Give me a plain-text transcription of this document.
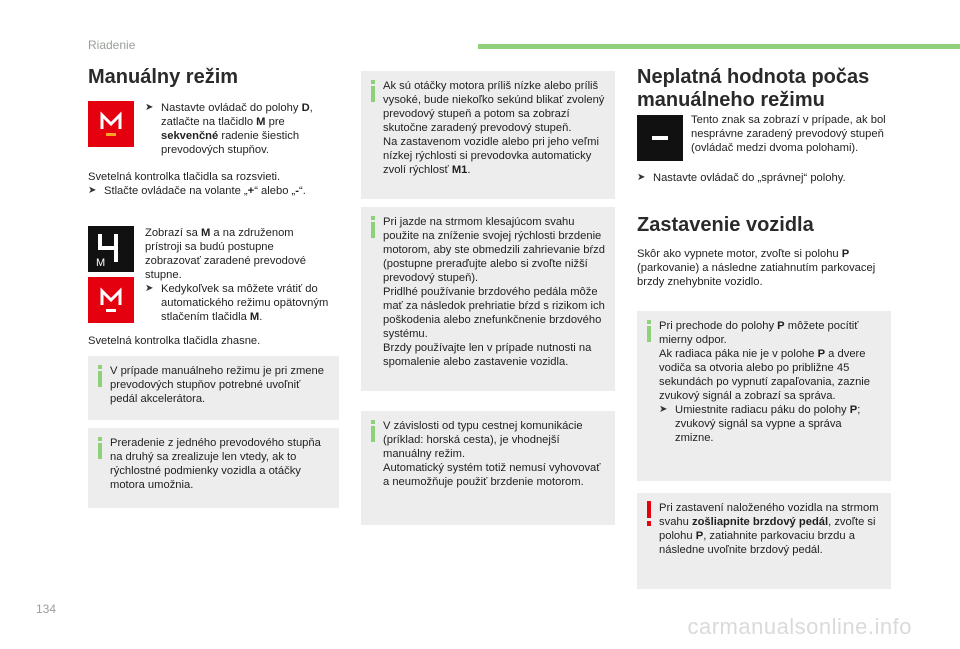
Riadenie
Manuálny režim
➤ Nastavte ovládač do polohy D, zatlačte na tlačidlo M pre sekvenčné radenie šiestich prevodových stupňov.
Svetelná kontrolka tlačidla sa rozsvieti.
➤ Stlačte ovládače na volante „+“ alebo „-“.
M
Zobrazí sa M a na združenom prístroji sa budú postupne zobrazovať zaradené prevodové stupne.
➤ Kedykoľvek sa môžete vrátiť do automatického režimu opätovným stlačením tlačidla M.
Svetelná kontrolka tlačidla zhasne.
V prípade manuálneho režimu je pri zmene prevodových stupňov potrebné uvoľniť pedál akcelerátora.
Preradenie z jedného prevodového stupňa na druhý sa zrealizuje len vtedy, ak to rýchlostné podmienky vozidla a otáčky motora umožnia.
Ak sú otáčky motora príliš nízke alebo príliš vysoké, bude niekoľko sekúnd blikať zvolený prevodový stupeň a potom sa zobrazí skutočne zaradený prevodový stupeň.
Na zastavenom vozidle alebo pri jeho veľmi nízkej rýchlosti si prevodovka automaticky zvolí rýchlosť M1.
Pri jazde na strmom klesajúcom svahu použite na zníženie svojej rýchlosti brzdenie motorom, aby ste obmedzili zahrievanie bŕzd (postupne preraďujte alebo si zvoľte nižší prevodový stupeň).
Pridlhé používanie brzdového pedála môže mať za následok prehriatie bŕzd s rizikom ich poškodenia alebo znefunkčnenie brzdového systému.
Brzdy používajte len v prípade nutnosti na spomalenie alebo zastavenie vozidla.
V závislosti od typu cestnej komunikácie (príklad: horská cesta), je vhodnejší manuálny režim.
Automatický systém totiž nemusí vyhovovať a neumožňuje použiť brzdenie motorom.
Neplatná hodnota počas manuálneho režimu
Tento znak sa zobrazí v prípade, ak bol nesprávne zaradený prevodový stupeň (ovládač medzi dvoma polohami).
➤ Nastavte ovládač do „správnej“ polohy.
Zastavenie vozidla
Skôr ako vypnete motor, zvoľte si polohu P (parkovanie) a následne zatiahnutím parkovacej brzdy znehybnite vozidlo.
Pri prechode do polohy P môžete pocítiť mierny odpor.
Ak radiaca páka nie je v polohe P a dvere vodiča sa otvoria alebo po približne 45 sekundách po vypnutí zapaľovania, zaznie zvukový signál a zobrazí sa správa.
➤ Umiestnite radiacu páku do polohy P; zvukový signál sa vypne a správa zmizne.
Pri zastavení naloženého vozidla na strmom svahu zošliapnite brzdový pedál, zvoľte si polohu P, zatiahnite parkovaciu brzdu a následne uvoľnite brzdový pedál.
134
carmanualsonline.info
